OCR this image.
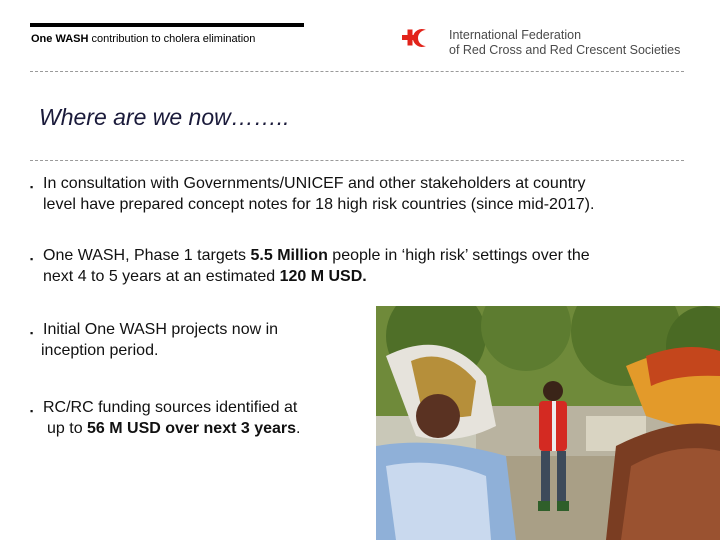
One WASH contribution to cholera elimination	International Federation
of Red Cross and Red Crescent Societies
Where are we now……..
▪ In consultation with Governments/UNICEF and other stakeholders at country
level have prepared concept notes for 18 high risk countries (since mid-2017).
▪ One WASH, Phase 1 targets 5.5 Million people in ‘high risk’ settings over the
next 4 to 5 years at an estimated 120 M USD.
▪ Initial One WASH projects now in
inception period.
▪ RC/RC funding sources identified at
up to 56 M USD over next 3 years.
